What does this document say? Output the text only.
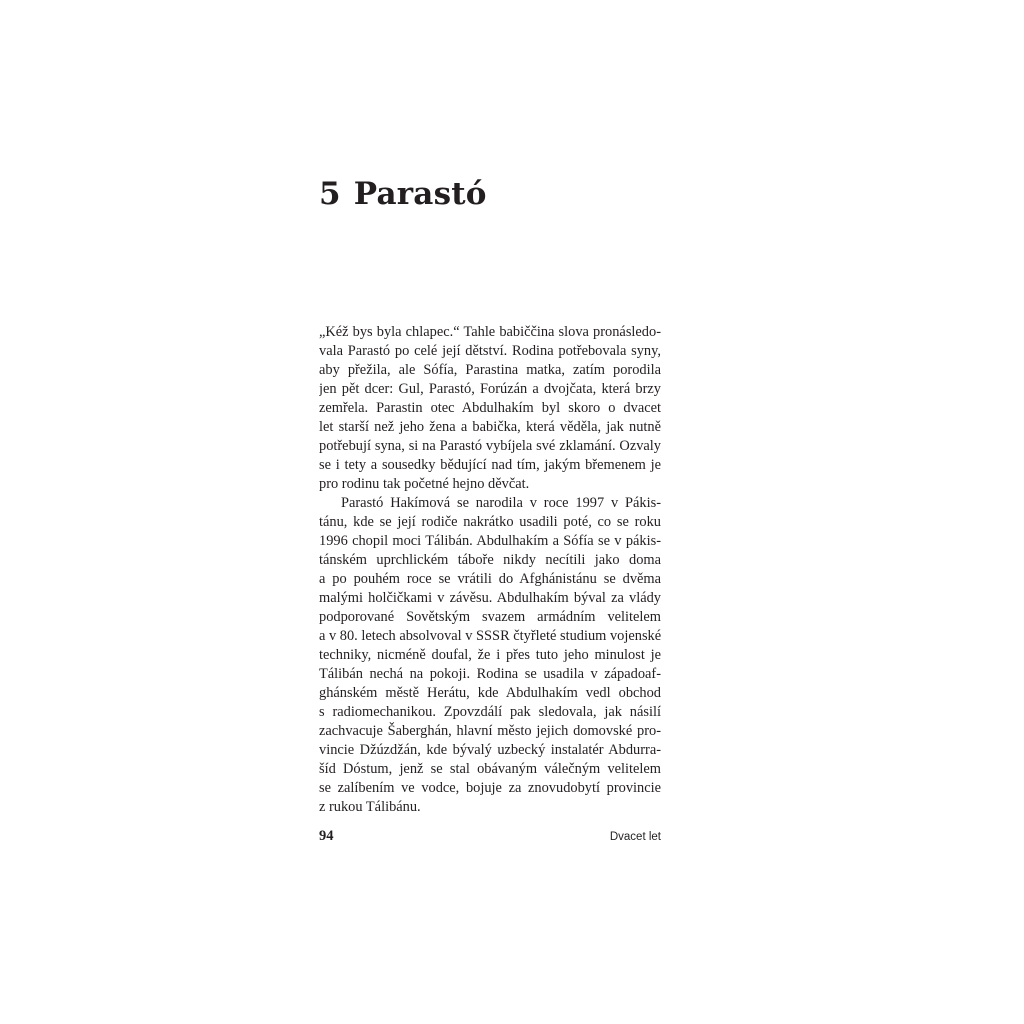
5 Parastó
„Kéž bys byla chlapec.“ Tahle babiččina slova pronásledo-
vala Parastó po celé její dětství. Rodina potřebovala syny,
aby přežila, ale Sófía, Parastina matka, zatím porodila
jen pět dcer: Gul, Parastó, Forúzán a dvojčata, která brzy
zemřela. Parastin otec Abdulhakím byl skoro o dvacet
let starší než jeho žena a babička, která věděla, jak nutně
potřebují syna, si na Parastó vybíjela své zklamání. Ozvaly
se i tety a sousedky bědující nad tím, jakým břemenem je
pro rodinu tak početné hejno děvčat.
Parastó Hakímová se narodila v roce 1997 v Pákis-
tánu, kde se její rodiče nakrátko usadili poté, co se roku
1996 chopil moci Tálibán. Abdulhakím a Sófía se v pákis-
tánském uprchlickém táboře nikdy necítili jako doma
a po pouhém roce se vrátili do Afghánistánu se dvěma
malými holčičkami v závěsu. Abdulhakím býval za vlády
podporované Sovětským svazem armádním velitelem
a v 80. letech absolvoval v SSSR čtyřleté studium vojenské
techniky, nicméně doufal, že i přes tuto jeho minulost je
Tálibán nechá na pokoji. Rodina se usadila v západoaf-
ghánském městě Herátu, kde Abdulhakím vedl obchod
s radiomechanikou. Zpovzdálí pak sledovala, jak násilí
zachvacuje Šaberghán, hlavní město jejich domovské pro-
vincie Džúzdžán, kde bývalý uzbecký instalatér Abdurra-
šíd Dóstum, jenž se stal obávaným válečným velitelem
se zalíbením ve vodce, bojuje za znovudobytí provincie
z rukou Tálibánu.
94	Dvacet let
